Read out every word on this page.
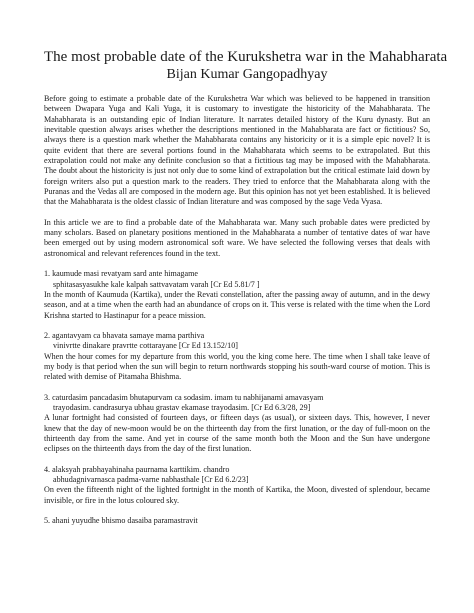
The most probable date of the Kurukshetra war in the Mahabharata
Bijan Kumar Gangopadhyay

Before going to estimate a probable date of the Kurukshetra War which was believed to be happened in transition between Dwapara Yuga and Kali Yuga, it is customary to investigate the historicity of the Mahabharata. The Mahabharata is an outstanding epic of Indian literature. It narrates detailed history of the Kuru dynasty. But an inevitable question always arises whether the descriptions mentioned in the Mahabharata are fact or fictitious? So, always there is a question mark whether the Mahabharata contains any historicity or it is a simple epic novel? It is quite evident that there are several portions found in the Mahabharata which seems to be extrapolated. But this extrapolation could not make any definite conclusion so that a fictitious tag may be imposed with the Mahabharata. The doubt about the historicity is just not only due to some kind of extrapolation but the critical estimate laid down by foreign writers also put a question mark to the readers. They tried to enforce that the Mahabharata along with the Puranas and the Vedas all are composed in the modern age. But this opinion has not yet been established. It is believed that the Mahabharata is the oldest classic of Indian literature and was composed by the sage Veda Vyasa.

In this article we are to find a probable date of the Mahabharata war. Many such probable dates were predicted by many scholars. Based on planetary positions mentioned in the Mahabharata a number of tentative dates of war have been emerged out by using modern astronomical soft ware. We have selected the following verses that deals with astronomical and relevant references found in the text.

1. kaumude masi revatyam sard ante himagame
sphitasasyasukhe kale kalpah sattvavatam varah [Cr Ed 5.81/7 ]
In the month of Kaumuda (Kartika), under the Revati constellation, after the passing away of autumn, and in the dewy season, and at a time when the earth had an abundance of crops on it. This verse is related with the time when the Lord Krishna started to Hastinapur for a peace mission.
2. agantavyam ca bhavata samaye mama parthiva
vinivrtte dinakare pravrtte cottarayane [Cr Ed 13.152/10]
When the hour comes for my departure from this world, you the king come here. The time when I shall take leave of my body is that period when the sun will begin to return northwards stopping his south-ward course of motion. This is related with demise of Pitamaha Bhishma.
3. caturdasim pancadasim bhutapurvam ca sodasim. imam tu nabhijanami amavasyam
trayodasim. candrasurya ubhau grastav ekamase trayodasim. [Cr Ed 6.3/28, 29]
A lunar fortnight had consisted of fourteen days, or fifteen days (as usual), or sixteen days. This, however, I never knew that the day of new-moon would be on the thirteenth day from the first lunation, or the day of full-moon on the thirteenth day from the same. And yet in course of the same month both the Moon and the Sun have undergone eclipses on the thirteenth days from the day of the first lunation.
4. alaksyah prabhayahinaha paurnama karttikim. chandro
abhudagnivarnasca padma-varne nabhasthale [Cr Ed 6.2/23]
On even the fifteenth night of the lighted fortnight in the month of Kartika, the Moon, divested of splendour, became invisible, or fire in the lotus coloured sky.
5. ahani yuyudhe bhismo dasaiba paramastravit
